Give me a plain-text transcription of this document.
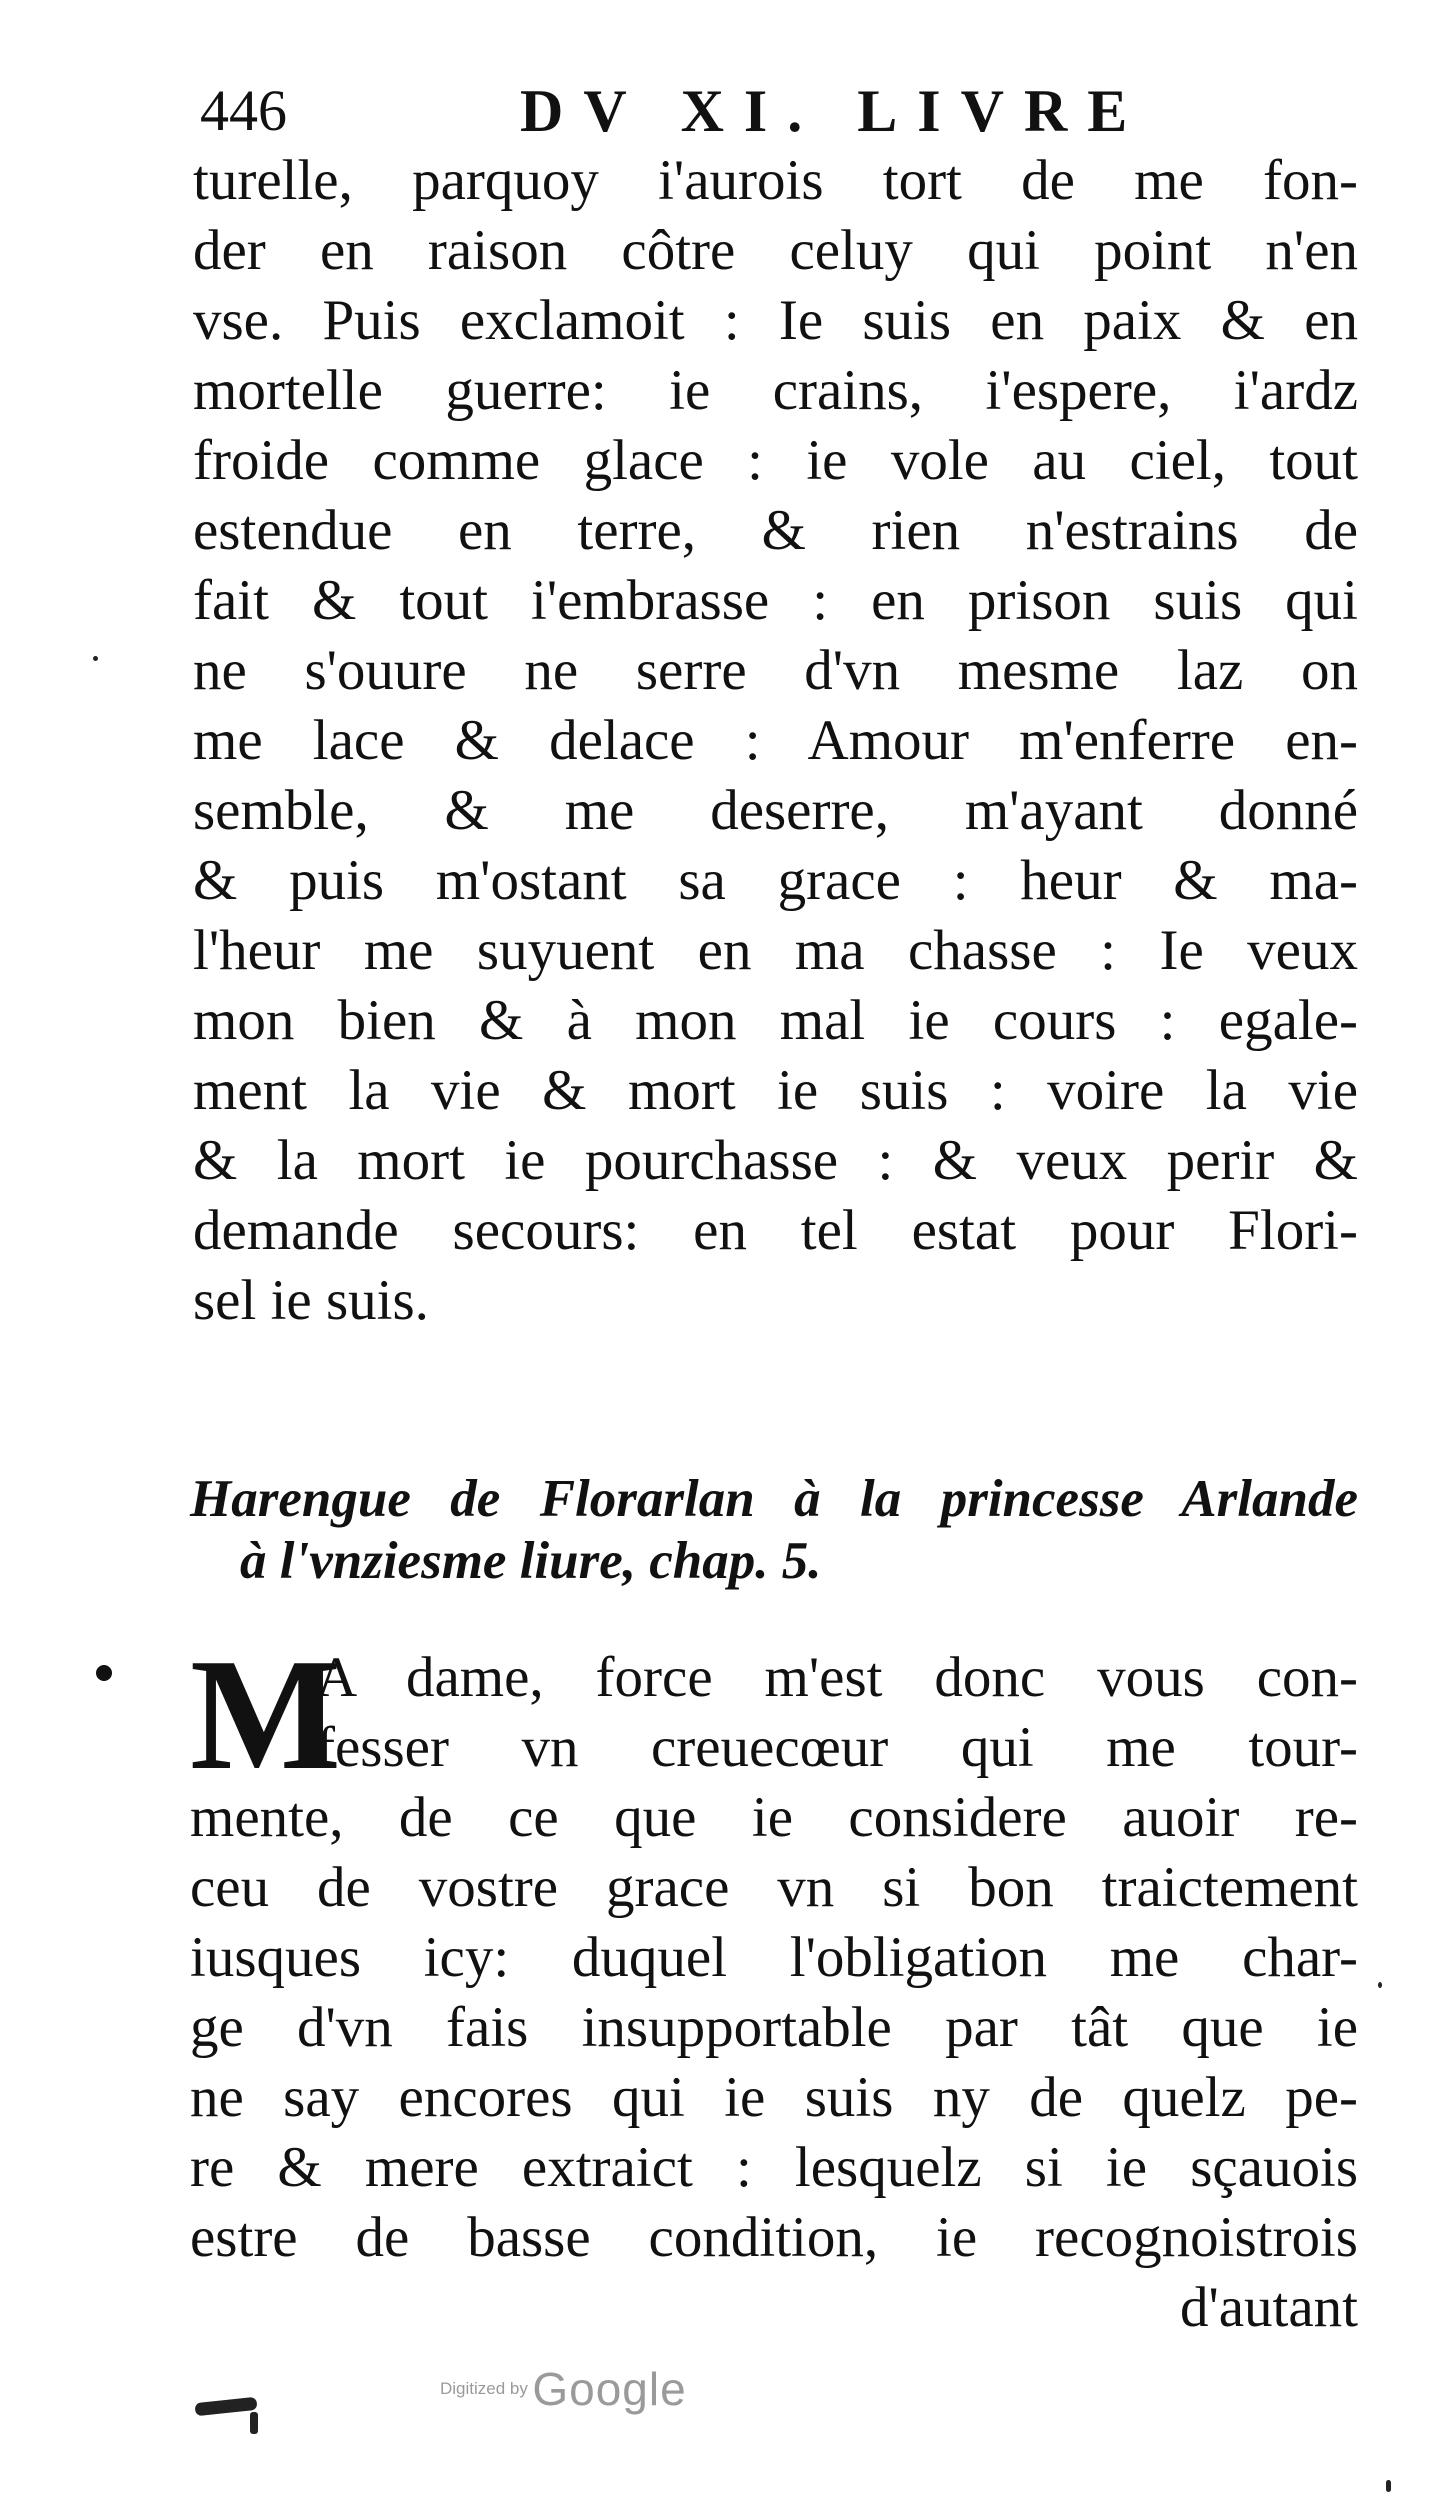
446	DV XI. LIVRE
turelle, parquoy i'aurois tort de me fon-
der en raison côtre celuy qui point n'en
vse. Puis exclamoit : Ie suis en paix & en
mortelle guerre: ie crains, i'espere, i'ardz
froide comme glace : ie vole au ciel, tout
estendue en terre, & rien n'estrains de
fait & tout i'embrasse : en prison suis qui
ne s'ouure ne serre d'vn mesme laz on
me lace & delace : Amour m'enferre en-
semble, & me deserre, m'ayant donné
& puis m'ostant sa grace : heur & ma-
l'heur me suyuent en ma chasse : Ie veux
mon bien & à mon mal ie cours : egale-
ment la vie & mort ie suis : voire la vie
& la mort ie pourchasse : & veux perir &
demande secours: en tel estat pour Flori-
sel ie suis.
Harengue de Florarlan à la princesse Arlande
à l'vnziesme liure, chap. 5.
M
A dame, force m'est donc vous con-
fesser vn creuecœur qui me tour-
mente, de ce que ie considere auoir re-
ceu de vostre grace vn si bon traictement
iusques icy: duquel l'obligation me char-
ge d'vn fais insupportable par tât que ie
ne say encores qui ie suis ny de quelz pe-
re & mere extraict : lesquelz si ie sçauois
estre de basse condition, ie recognoistrois
d'autant
Digitized by Google
